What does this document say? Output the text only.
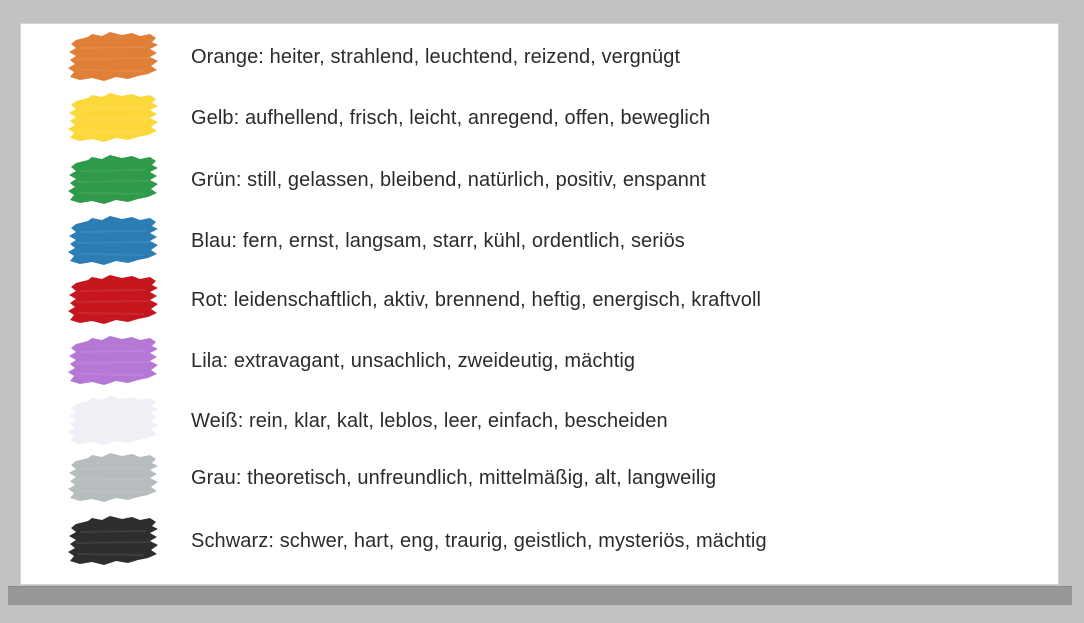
Orange: heiter, strahlend, leuchtend, reizend, vergnügt
Gelb: aufhellend, frisch, leicht, anregend, offen, beweglich
Grün: still, gelassen, bleibend, natürlich, positiv, enspannt
Blau: fern, ernst, langsam, starr, kühl, ordentlich, seriös
Rot: leidenschaftlich, aktiv, brennend, heftig, energisch, kraftvoll
Lila: extravagant, unsachlich, zweideutig, mächtig
Weiß: rein, klar, kalt, leblos, leer, einfach, bescheiden
Grau: theoretisch, unfreundlich, mittelmäßig, alt, langweilig
Schwarz: schwer, hart, eng, traurig, geistlich, mysteriös, mächtig
